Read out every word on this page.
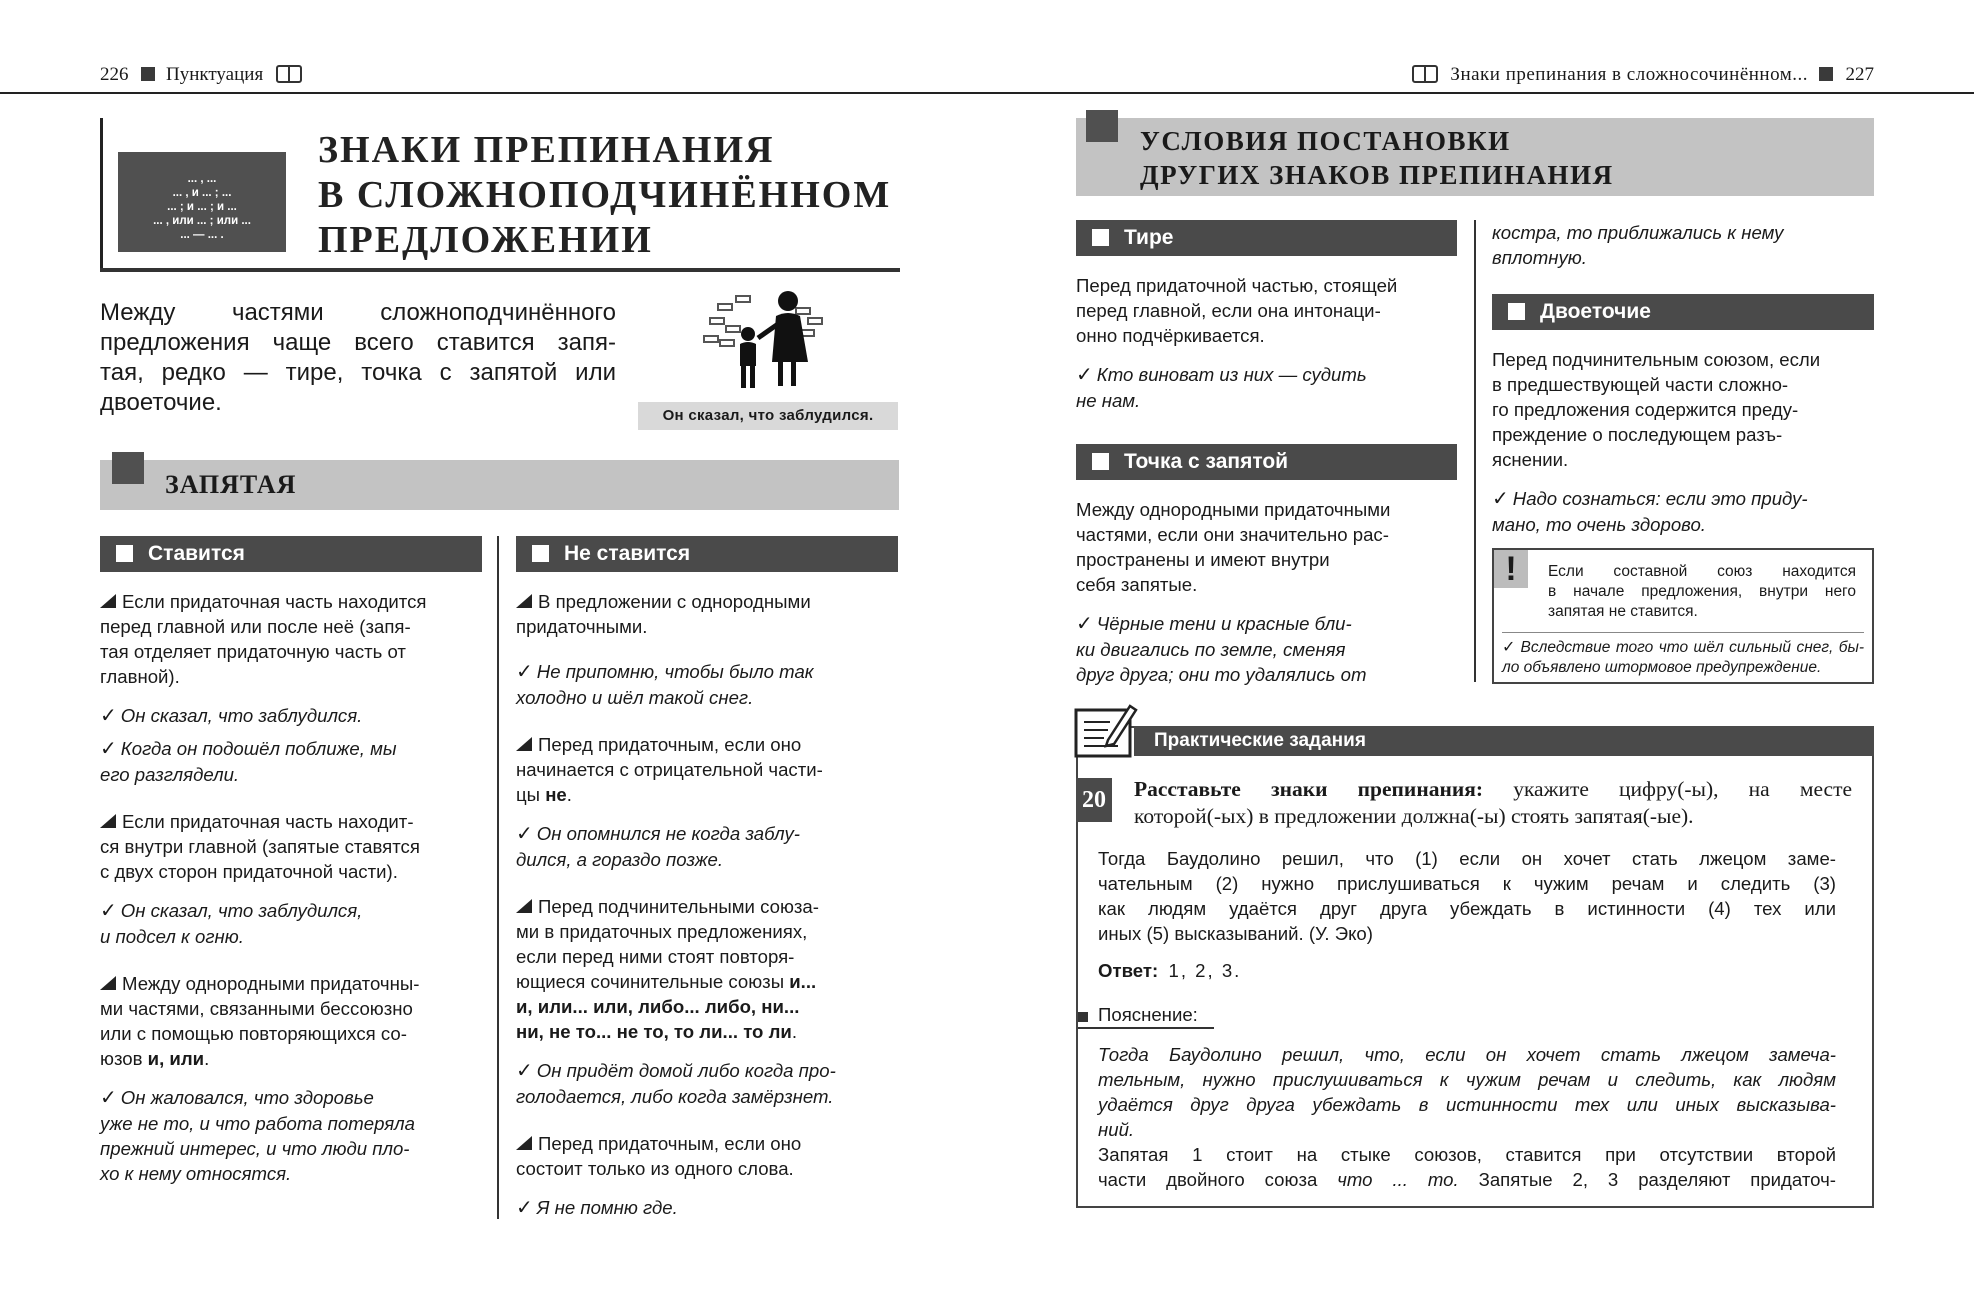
226 Пунктуация	Знаки препинания в сложносочинённом... 227
... , ...
... , и ... ; ...
... ; и ... ; и ...
... , или ... ; или ...
... — ... .
ЗНАКИ ПРЕПИНАНИЯ
В СЛОЖНОПОДЧИНЁННОМ
ПРЕДЛОЖЕНИИ
Между частями сложноподчинённого
предложения чаще всего ставится запя-
тая, редко — тире, точка с запятой или
двоеточие.	Он сказал, что заблудился.
ЗАПЯТАЯ
Ставится	Не ставится

Если придаточная часть находится
перед главной или после неё (запя-
тая отделяет придаточную часть от
главной).

✓ Он сказал, что заблудился.

✓ Когда он подошёл поближе, мы
его разглядели.

Если придаточная часть находит-
ся внутри главной (запятые ставятся
с двух сторон придаточной части).

✓ Он сказал, что заблудился,
и подсел к огню.

Между однородными придаточны-
ми частями, связанными бессоюзно
или с помощью повторяющихся со-
юзов и, или.

✓ Он жаловался, что здоровье
уже не то, и что работа потеряла
прежний интерес, и что люди пло-
хо к нему относятся.

В предложении с однородными
придаточными.

✓ Не припомню, чтобы было так
холодно и шёл такой снег.

Перед придаточным, если оно
начинается с отрицательной части-
цы не.

✓ Он опомнился не когда заблу-
дился, а гораздо позже.

Перед подчинительными союза-
ми в придаточных предложениях,
если перед ними стоят повторя-
ющиеся сочинительные союзы и...
и, или... или, либо... либо, ни...
ни, не то... не то, то ли... то ли.

✓ Он придёт домой либо когда про-
голодается, либо когда замёрзнет.

Перед придаточным, если оно
состоит только из одного слова.

✓ Я не помню где.

УСЛОВИЯ ПОСТАНОВКИ
ДРУГИХ ЗНАКОВ ПРЕПИНАНИЯ
Тире

Перед придаточной частью, стоящей
перед главной, если она интонаци-
онно подчёркивается.

✓ Кто виноват из них — судить
не нам.

Точка с запятой

Между однородными придаточными
частями, если они значительно рас-
пространены и имеют внутри
себя запятые.

✓ Чёрные тени и красные бли-
ки двигались по земле, сменяя
друг друга; они то удалялись от

костра, то приближались к нему
вплотную.
Двоеточие

Перед подчинительным союзом, если
в предшествующей части сложно-
го предложения содержится преду-
преждение о последующем разъ-
яснении.

✓ Надо сознаться: если это приду-
мано, то очень здорово.

!	Если составной союз находится
в начале предложения, внутри него
запятая не ставится.
✓ Вследствие того что шёл сильный снег, бы-
ло объявлено штормовое предупреждение.
Практические задания
20 Расставьте знаки препинания: укажите цифру(-ы), на месте
которой(-ых) в предложении должна(-ы) стоять запятая(-ые).
Тогда Баудолино решил, что (1) если он хочет стать лжецом заме-
чательным (2) нужно прислушиваться к чужим речам и следить (3)
как людям удаётся друг друга убеждать в истинности (4) тех или
иных (5) высказываний. (У. Эко)
Ответ: 1, 2, 3.
Пояснение:
Тогда Баудолино решил, что, если он хочет стать лжецом замеча-
тельным, нужно прислушиваться к чужим речам и следить, как людям
удаётся друг друга убеждать в истинности тех или иных высказыва-
ний.
Запятая 1 стоит на стыке союзов, ставится при отсутствии второй
части двойного союза что ... то. Запятые 2, 3 разделяют придаточ-
